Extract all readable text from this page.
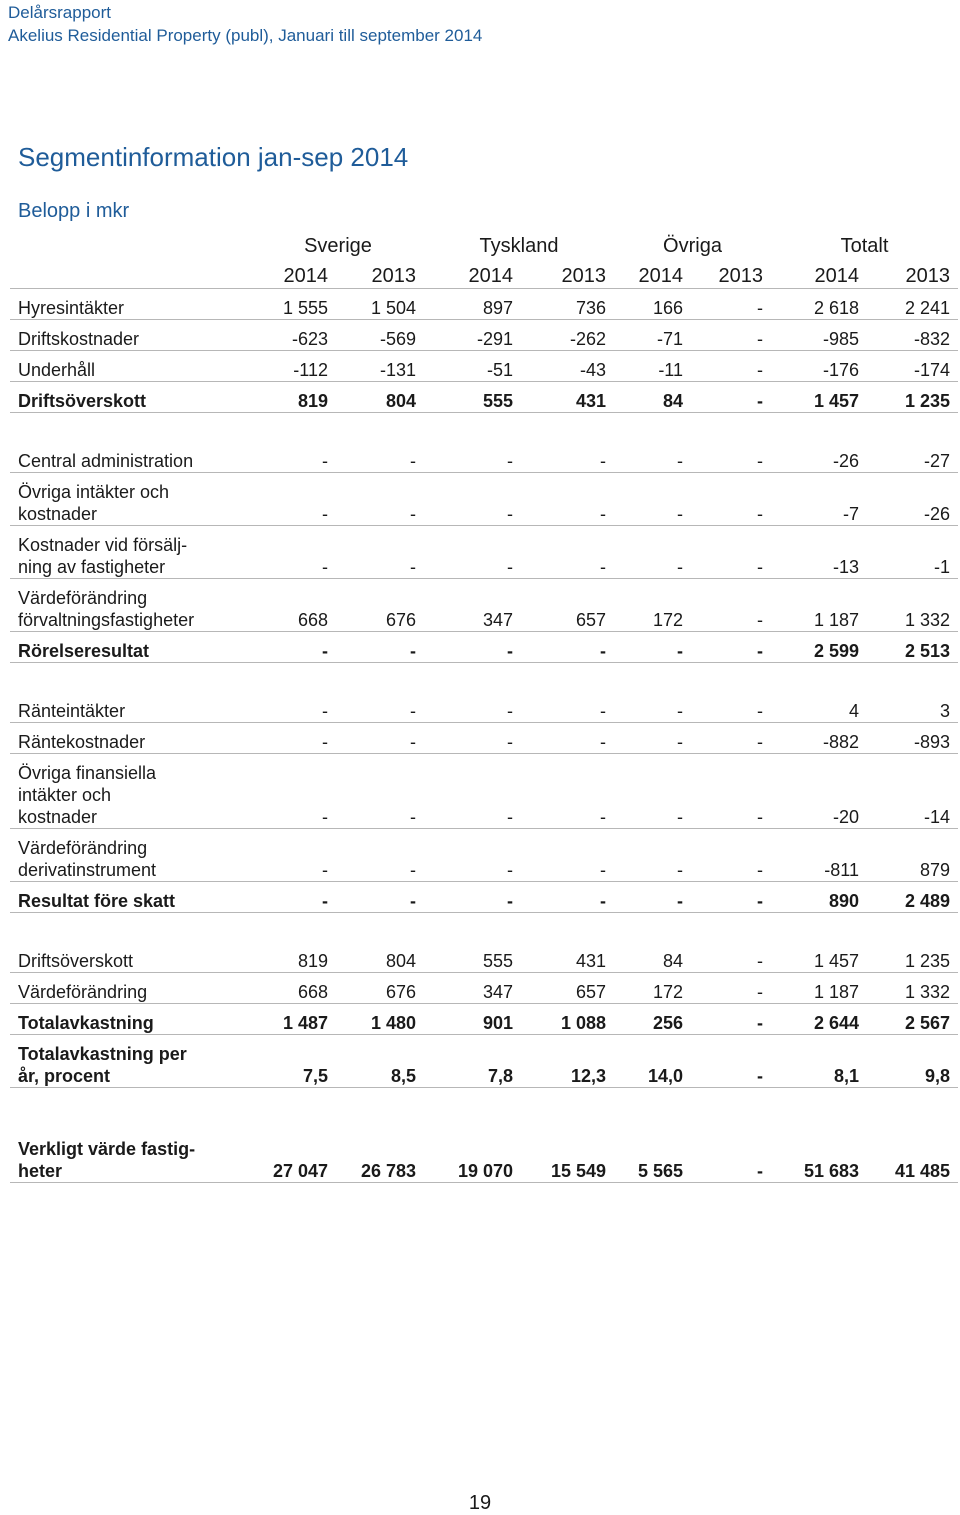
Delårsrapport
Akelius Residential Property (publ), Januari till september 2014
Segmentinformation jan-sep 2014
Belopp i mkr
	Sverige		Tyskland		Övriga		Totalt	
	2014	2013	2014	2013	2014	2013	2014	2013
Hyresintäkter	1 555	1 504	897	736	166	-	2 618	2 241
Driftskostnader	-623	-569	-291	-262	-71	-	-985	-832
Underhåll	-112	-131	-51	-43	-11	-	-176	-174
Driftsöverskott	819	804	555	431	84	-	1 457	1 235

Central administration	-	-	-	-	-	-	-26	-27
Övriga intäkter och
kostnader	-	-	-	-	-	-	-7	-26
Kostnader vid försälj-
ning av fastigheter	-	-	-	-	-	-	-13	-1
Värdeförändring
förvaltningsfastigheter	668	676	347	657	172	-	1 187	1 332
Rörelseresultat	-	-	-	-	-	-	2 599	2 513

Ränteintäkter	-	-	-	-	-	-	4	3
Räntekostnader	-	-	-	-	-	-	-882	-893
Övriga finansiella
intäkter och
kostnader	-	-	-	-	-	-	-20	-14
Värdeförändring
derivatinstrument	-	-	-	-	-	-	-811	879
Resultat före skatt	-	-	-	-	-	-	890	2 489

Driftsöverskott	819	804	555	431	84	-	1 457	1 235
Värdeförändring	668	676	347	657	172	-	1 187	1 332
Totalavkastning	1 487	1 480	901	1 088	256	-	2 644	2 567
Totalavkastning per
år, procent	7,5	8,5	7,8	12,3	14,0	-	8,1	9,8

Verkligt värde fastig-
heter	27 047	26 783	19 070	15 549	5 565	-	51 683	41 485
19
